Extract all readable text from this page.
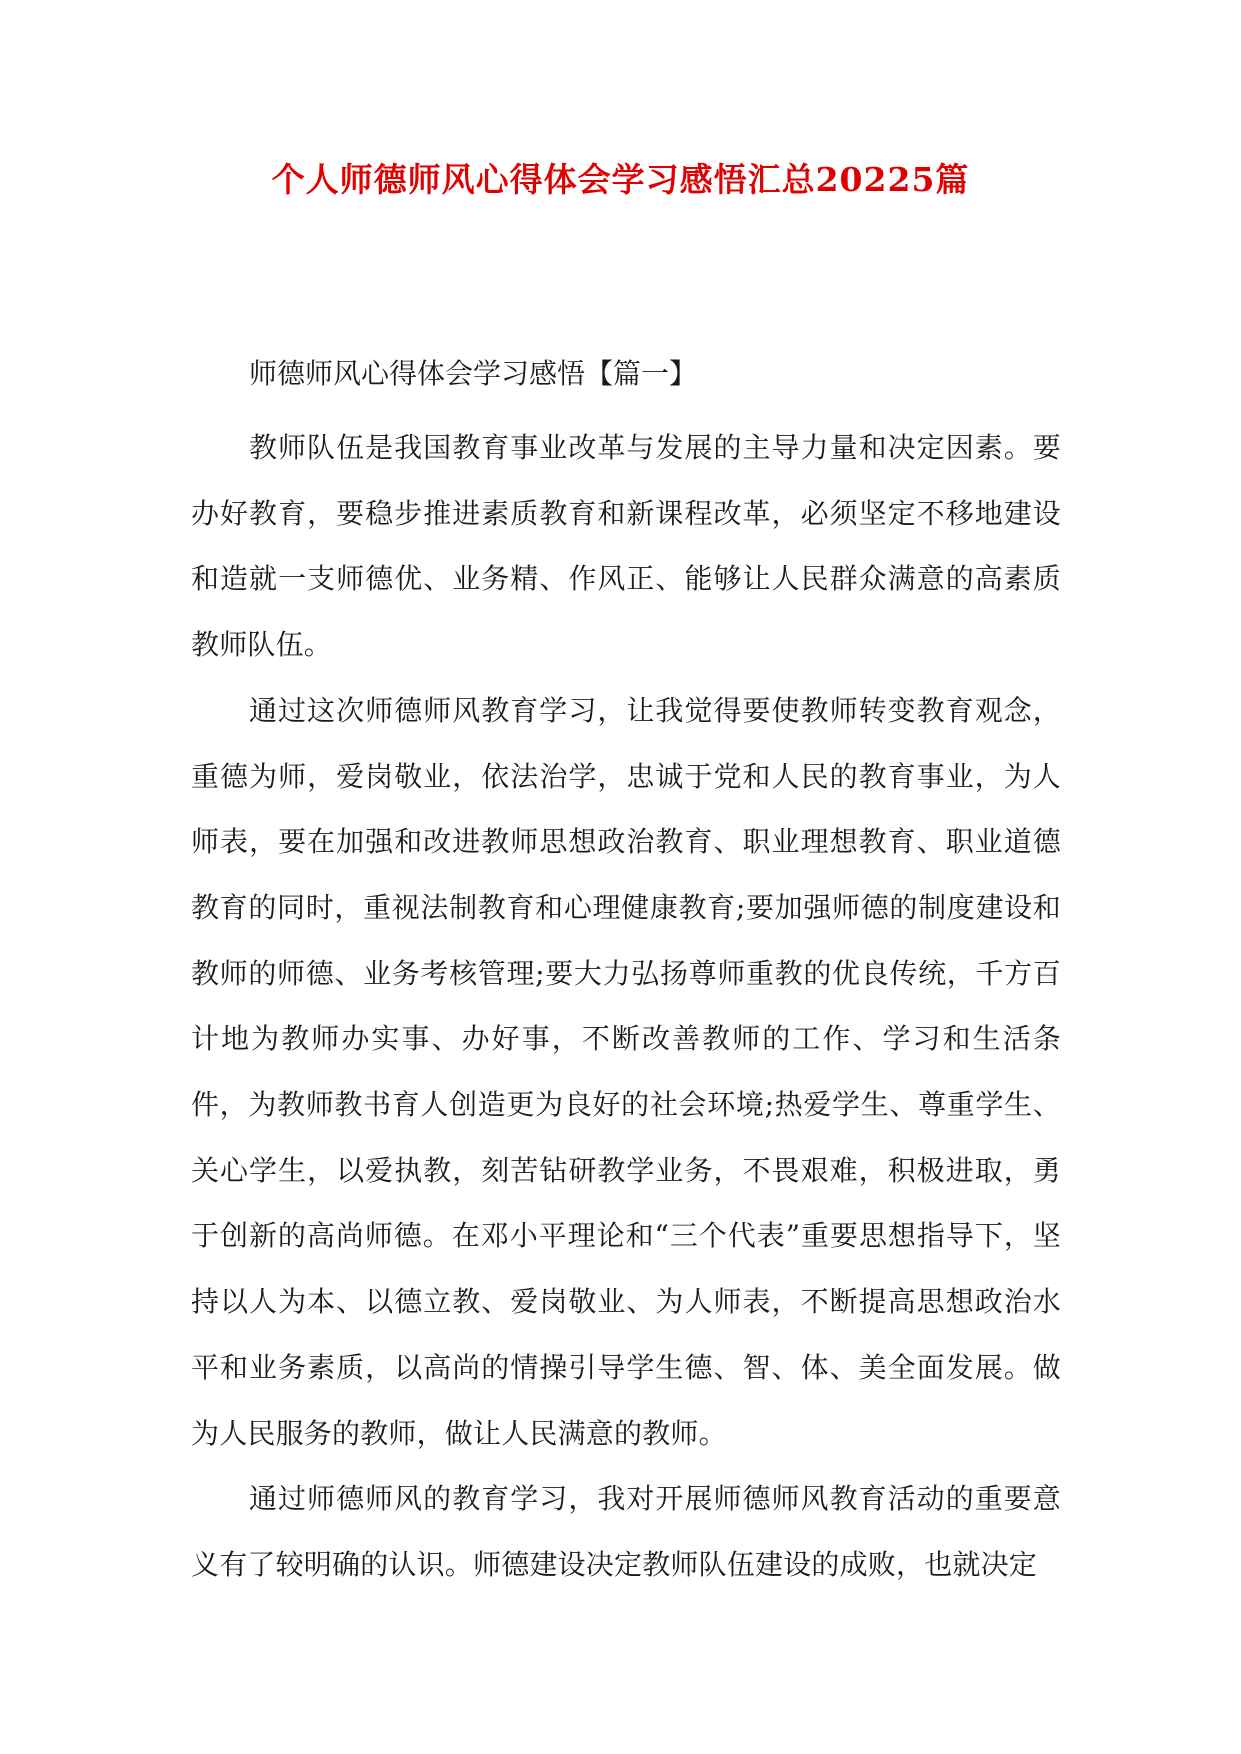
个人师德师风心得体会学习感悟汇总20225篇

师德师风心得体会学习感悟【篇一】

教师队伍是我国教育事业改革与发展的主导力量和决定因素。要办好教育，要稳步推进素质教育和新课程改革，必须坚定不移地建设和造就一支师德优、业务精、作风正、能够让人民群众满意的高素质教师队伍。

通过这次师德师风教育学习，让我觉得要使教师转变教育观念，重德为师，爱岗敬业，依法治学，忠诚于党和人民的教育事业，为人师表，要在加强和改进教师思想政治教育、职业理想教育、职业道德教育的同时，重视法制教育和心理健康教育;要加强师德的制度建设和教师的师德、业务考核管理;要大力弘扬尊师重教的优良传统，千方百计地为教师办实事、办好事，不断改善教师的工作、学习和生活条件，为教师教书育人创造更为良好的社会环境;热爱学生、尊重学生、关心学生，以爱执教，刻苦钻研教学业务，不畏艰难，积极进取，勇于创新的高尚师德。在邓小平理论和“三个代表”重要思想指导下，坚持以人为本、以德立教、爱岗敬业、为人师表，不断提高思想政治水平和业务素质，以高尚的情操引导学生德、智、体、美全面发展。做为人民服务的教师，做让人民满意的教师。

通过师德师风的教育学习，我对开展师德师风教育活动的重要意义有了较明确的认识。师德建设决定教师队伍建设的成败，也就决定
